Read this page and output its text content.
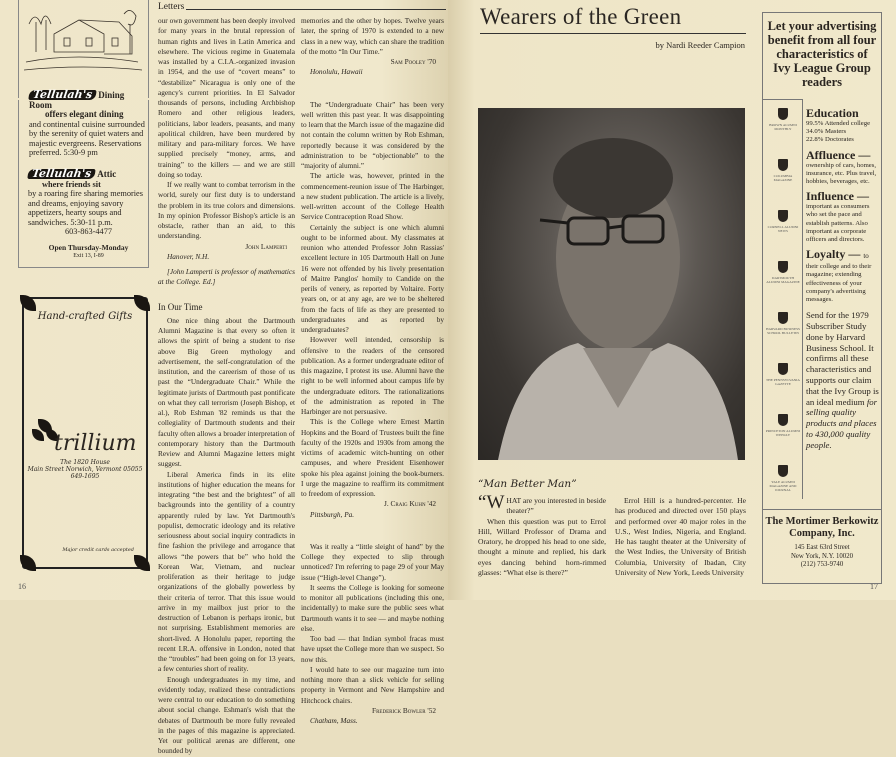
Tellulah's Dining Room
offers elegant dining
and continental cuisine surrounded by the serenity of quiet waters and majestic evergreens. Reservations preferred. 5:30-9 pm
Tellulah's Attic
where friends sit
by a roaring fire sharing memories and dreams, enjoying savory appetizers, hearty soups and sandwiches. 5:30-11 p.m.
603-863-4477
Open Thursday-Monday
Exit 13, I-89
Hand-crafted Gifts
trillium
The 1820 House
Main Street Norwich, Vermont 05055
649-1695
Major credit cards accepted
16
Letters

our own government has been deeply involved for many years in the brutal repression of human rights and lives in Latin America and elsewhere. The vicious regime in Guatemala was installed by a C.I.A.-organized invasion in 1954, and the use of “covert means” to “destabilize” Nicaragua is only one of the agency's current priorities. In El Salvador thousands of persons, including Archbishop Romero and other religious leaders, politicians, labor leaders, peasants, and many apolitical children, have been murdered by military and para-military forces. We have supplied precisely “money, arms, and training” to the killers — and we are still doing so today.

If we really want to combat terrorism in the world, surely our first duty is to understand the problem in its true colors and dimensions. In my opinion Professor Bishop's article is an obstacle, rather than an aid, to this understanding.

John Lamperti

Hanover, N.H.

[John Lamperti is professor of mathematics at the College. Ed.]

In Our Time

One nice thing about the Dartmouth Alumni Magazine is that every so often it allows the spirit of being a student to rise above Big Green mythology and advertisement, the self-congratulation of the institution, and the careerism of those of us past the “Undergraduate Chair.” While the legitimate jurists of Dartmouth past pontificate on what they call terrorism (Joseph Bishop, et al.), Rob Eshman '82 reminds us that the collegiality of Dartmouth students and their faculty often allows a broader interpretation of contemporary history than the Dartmouth Review and Alumni Magazine letters might suggest.

Liberal America finds in its elite institutions of higher education the means for integrating “the best and the brightest” of all backgrounds into the gentility of a country apparently ruled by law. Yet Dartmouth's populist, democratic ideology and its relative seriousness about social inquiry contradicts in fine fashion the privilege and arrogance that allows “the powers that be” who hold the Korean War, Vietnam, and nuclear proliferation as their heritage to judge organizations of the globally powerless by their criteria of terror. That this issue would arrive in my mailbox just prior to the destruction of Lebanon is perhaps ironic, but not surprising. Establishment memories are short-lived. A Honolulu paper, reporting the recent I.R.A. offensive in London, noted that the “troubles” had been going on for 13 years, a few centuries short of reality.

Enough undergraduates in my time, and evidently today, realized these contradictions were central to our education to do something about social change. Eshman's wish that the debates of Dartmouth be more fully revealed in the pages of this magazine is appreciated. Yet our political arenas are different, one bounded by

memories and the other by hopes. Twelve years later, the spring of 1970 is extended to a new class in a new way, which can share the tradition of the motto “In Our Time.”

Sam Pooley '70

Honolulu, Hawaii

The “Undergraduate Chair” has been very well written this past year. It was disappointing to learn that the March issue of the magazine did not contain the column written by Rob Eshman, reportedly because it was considered by the administration to be “objectionable” to the “majority of alumni.”

The article was, however, printed in the commencement-reunion issue of The Harbinger, a new student publication. The article is a lively, well-written account of the College Health Service Contraception Road Show.

Certainly the subject is one which alumni ought to be informed about. My classmates at reunion who attended Professor John Rassias' excellent lecture in 105 Dartmouth Hall on June 16 were not offended by his lively presentation of Maitre Panglos' homily to Candide on the perils of venery, as reported by Voltaire. Forty years on, or at any age, are we to be sheltered from the facts of life as they are presented to undergraduates and as reported by undergraduates?

However well intended, censorship is offensive to the readers of the censored publication. As a former undergraduate editor of this magazine, I protest its use. Alumni have the right to be well informed about campus life by the undergraduate editors. The rationalizations of the administration as repoted in The Harbinger are not persuasive.

This is the College where Ernest Martin Hopkins and the Board of Trustees built the fine faculty of the 1920s and 1930s from among the victims of academic witch-hunting on other campuses, and where President Eisenhower spoke his plea against joining the book-burners. I urge the magazine to reaffirm its commitment to freedom of expression.

J. Craig Kuhn '42

Pittsburgh, Pa.

Was it really a “little sleight of hand” by the College they expected to slip through unnoticed? I'm referring to page 29 of your May issue (“High-level Change”).

It seems the College is looking for someone to monitor all publications (including this one, incidentally) to make sure the public sees what Dartmouth wants it to see — and maybe nothing else.

Too bad — that Indian symbol fracas must have upset the College more than we suspect. So now this.

I would hate to see our magazine turn into nothing more than a slick vehicle for selling property in Vermont and New Hampshire and Hitchcock chairs.

Frederick Bowler '52

Chatham, Mass.

17
Wearers of the Green
by Nardi Reeder Campion
“Man Better Man”

“W HAT are you interested in beside theater?”

When this question was put to Errol Hill, Willard Professor of Drama and Oratory, he dropped his head to one side, thought a minute and replied, his dark eyes dancing behind horn-rimmed glasses: “What else is there?”

Errol Hill is a hundred-percenter. He has produced and directed over 150 plays and performed over 40 major roles in the U.S., West Indies, Nigeria, and England. He has taught theater at the University of the West Indies, the University of British Columbia, University of Ibadan, City University of New York, Leeds University
Let your advertising benefit from all four characteristics of Ivy League Group readers
BROWN ALUMNI MONTHLY
COLUMBIA MAGAZINE
CORNELL ALUMNI NEWS
DARTMOUTH ALUMNI MAGAZINE
HARVARD BUSINESS SCHOOL BULLETIN
THE PENNSYLVANIA GAZETTE
PRINCETON ALUMNI WEEKLY
YALE ALUMNI MAGAZINE AND JOURNAL
Education
99.5% Attended college
34.0% Masters
22.8% Doctorates
Affluence —
ownership of cars, homes, insurance, etc. Plus travel, hobbies, beverages, etc.
Influence —
important as consumers who set the pace and establish patterns. Also important as corporate officers and directors.
Loyalty — to
their college and to their magazine; extending effectiveness of your company's advertising messages.
Send for the 1979 Subscriber Study done by Harvard Business School. It confirms all these characteristics and supports our claim that the Ivy Group is an ideal medium for selling quality products and places to 430,000 quality people.
The Mortimer Berkowitz Company, Inc.
145 East 63rd Street
New York, N.Y. 10020
(212) 753-9740
